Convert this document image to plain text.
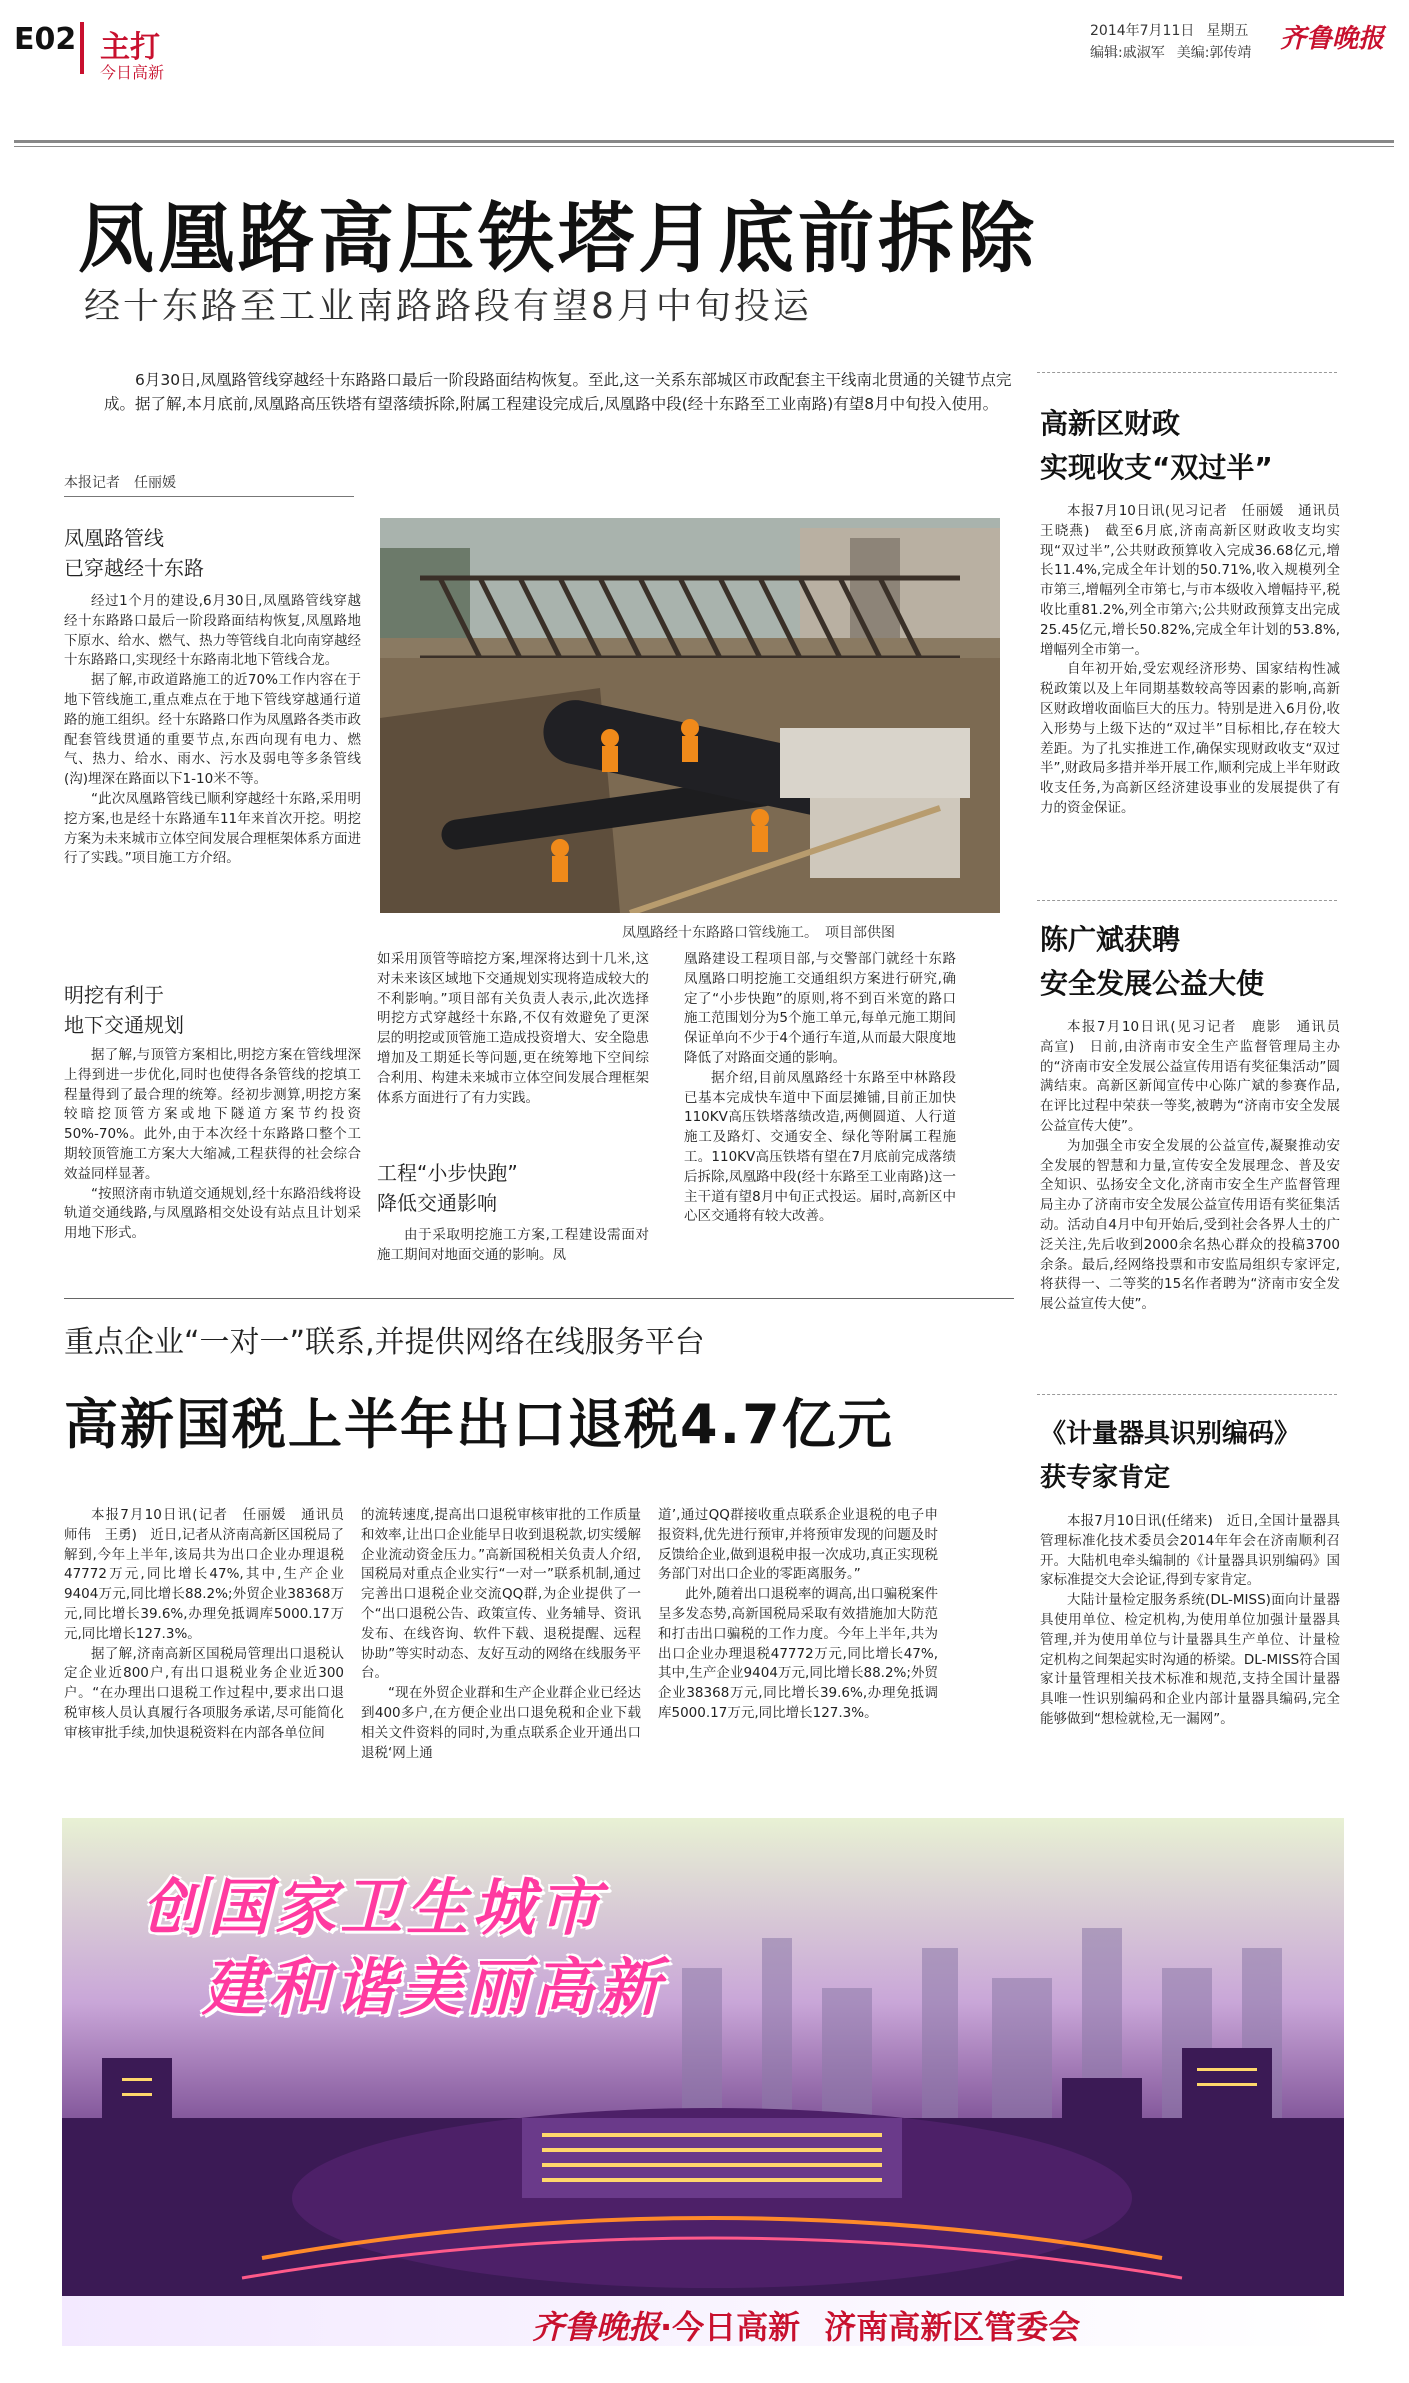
E02 主打
今日高新
2014年7月11日 星期五
编辑:戚淑军 美编:郭传靖	齐鲁晚报
凤凰路高压铁塔月底前拆除
经十东路至工业南路路段有望8月中旬投运
6月30日,凤凰路管线穿越经十东路路口最后一阶段路面结构恢复。至此,这一关系东部城区市政配套主干线南北贯通的关键节点完成。据了解,本月底前,凤凰路高压铁塔有望落绩拆除,附属工程建设完成后,凤凰路中段(经十东路至工业南路)有望8月中旬投入使用。
本报记者　任丽媛
凤凰路管线
已穿越经十东路

经过1个月的建设,6月30日,凤凰路管线穿越经十东路路口最后一阶段路面结构恢复,凤凰路地下原水、给水、燃气、热力等管线自北向南穿越经十东路路口,实现经十东路南北地下管线合龙。

据了解,市政道路施工的近70%工作内容在于地下管线施工,重点难点在于地下管线穿越通行道路的施工组织。经十东路路口作为凤凰路各类市政配套管线贯通的重要节点,东西向现有电力、燃气、热力、给水、雨水、污水及弱电等多条管线(沟)埋深在路面以下1-10米不等。

“此次凤凰路管线已顺利穿越经十东路,采用明挖方案,也是经十东路通车11年来首次开挖。明挖方案为未来城市立体空间发展合理框架体系方面进行了实践。”项目施工方介绍。

明挖有利于
地下交通规划

据了解,与顶管方案相比,明挖方案在管线埋深上得到进一步优化,同时也使得各条管线的挖填工程量得到了最合理的统筹。经初步测算,明挖方案较暗挖顶管方案或地下隧道方案节约投资50%-70%。此外,由于本次经十东路路口整个工期较顶管施工方案大大缩减,工程获得的社会综合效益同样显著。

“按照济南市轨道交通规划,经十东路沿线将设轨道交通线路,与凤凰路相交处设有站点且计划采用地下形式。

凤凰路经十东路路口管线施工。　项目部供图

如采用顶管等暗挖方案,埋深将达到十几米,这对未来该区域地下交通规划实现将造成较大的不利影响。”项目部有关负责人表示,此次选择明挖方式穿越经十东路,不仅有效避免了更深层的明挖或顶管施工造成投资增大、安全隐患增加及工期延长等问题,更在统筹地下空间综合利用、构建未来城市立体空间发展合理框架体系方面进行了有力实践。

工程“小步快跑”
降低交通影响

由于采取明挖施工方案,工程建设需面对施工期间对地面交通的影响。凤

凰路建设工程项目部,与交警部门就经十东路凤凰路口明挖施工交通组织方案进行研究,确定了“小步快跑”的原则,将不到百米宽的路口施工范围划分为5个施工单元,每单元施工期间保证单向不少于4个通行车道,从而最大限度地降低了对路面交通的影响。

据介绍,目前凤凰路经十东路至中林路段已基本完成快车道中下面层摊铺,目前正加快110KV高压铁塔落绩改造,两侧圆道、人行道施工及路灯、交通安全、绿化等附属工程施工。110KV高压铁塔有望在7月底前完成落绩后拆除,凤凰路中段(经十东路至工业南路)这一主干道有望8月中旬正式投运。届时,高新区中心区交通将有较大改善。

高新区财政
实现收支“双过半”

本报7月10日讯(见习记者　任丽媛　通讯员　王晓燕)　截至6月底,济南高新区财政收支均实现“双过半”,公共财政预算收入完成36.68亿元,增长11.4%,完成全年计划的50.71%,收入规模列全市第三,增幅列全市第七,与市本级收入增幅持平,税收比重81.2%,列全市第六;公共财政预算支出完成25.45亿元,增长50.82%,完成全年计划的53.8%,增幅列全市第一。

自年初开始,受宏观经济形势、国家结构性减税政策以及上年同期基数较高等因素的影响,高新区财政增收面临巨大的压力。特别是进入6月份,收入形势与上级下达的“双过半”目标相比,存在较大差距。为了扎实推进工作,确保实现财政收支“双过半”,财政局多措并举开展工作,顺利完成上半年财政收支任务,为高新区经济建设事业的发展提供了有力的资金保证。

陈广斌获聘
安全发展公益大使

本报7月10日讯(见习记者　鹿影　通讯员　高宣)　日前,由济南市安全生产监督管理局主办的“济南市安全发展公益宣传用语有奖征集活动”圆满结束。高新区新闻宣传中心陈广斌的参赛作品,在评比过程中荣获一等奖,被聘为“济南市安全发展公益宣传大使”。

为加强全市安全发展的公益宣传,凝聚推动安全发展的智慧和力量,宣传安全发展理念、普及安全知识、弘扬安全文化,济南市安全生产监督管理局主办了济南市安全发展公益宣传用语有奖征集活动。活动自4月中旬开始后,受到社会各界人士的广泛关注,先后收到2000余名热心群众的投稿3700余条。最后,经网络投票和市安监局组织专家评定,将获得一、二等奖的15名作者聘为“济南市安全发展公益宣传大使”。

《计量器具识别编码》
获专家肯定

本报7月10日讯(任绪来)　近日,全国计量器具管理标准化技术委员会2014年年会在济南顺利召开。大陆机电牵头编制的《计量器具识别编码》国家标准提交大会论证,得到专家肯定。

大陆计量检定服务系统(DL-MISS)面向计量器具使用单位、检定机构,为使用单位加强计量器具管理,并为使用单位与计量器具生产单位、计量检定机构之间架起实时沟通的桥梁。DL-MISS符合国家计量管理相关技术标准和规范,支持全国计量器具唯一性识别编码和企业内部计量器具编码,完全能够做到“想检就检,无一漏网”。

重点企业“一对一”联系,并提供网络在线服务平台
高新国税上半年出口退税4.7亿元

本报7月10日讯(记者　任丽媛　通讯员　师伟　王勇)　近日,记者从济南高新区国税局了解到,今年上半年,该局共为出口企业办理退税47772万元,同比增长47%,其中,生产企业9404万元,同比增长88.2%;外贸企业38368万元,同比增长39.6%,办理免抵调库5000.17万元,同比增长127.3%。

据了解,济南高新区国税局管理出口退税认定企业近800户,有出口退税业务企业近300户。“在办理出口退税工作过程中,要求出口退税审核人员认真履行各项服务承诺,尽可能简化审核审批手续,加快退税资料在内部各单位间

的流转速度,提高出口退税审核审批的工作质量和效率,让出口企业能早日收到退税款,切实缓解企业流动资金压力。”高新国税相关负责人介绍,国税局对重点企业实行“一对一”联系机制,通过完善出口退税企业交流QQ群,为企业提供了一个“出口退税公告、政策宣传、业务辅导、资讯发布、在线咨询、软件下载、退税提醒、远程协助”等实时动态、友好互动的网络在线服务平台。

“现在外贸企业群和生产企业群企业已经达到400多户,在方便企业出口退免税和企业下载相关文件资料的同时,为重点联系企业开通出口退税‘网上通

道’,通过QQ群接收重点联系企业退税的电子申报资料,优先进行预审,并将预审发现的问题及时反馈给企业,做到退税申报一次成功,真正实现税务部门对出口企业的零距离服务。”

此外,随着出口退税率的调高,出口骗税案件呈多发态势,高新国税局采取有效措施加大防范和打击出口骗税的工作力度。今年上半年,共为出口企业办理退税47772万元,同比增长47%,其中,生产企业9404万元,同比增长88.2%;外贸企业38368万元,同比增长39.6%,办理免抵调库5000.17万元,同比增长127.3%。

创国家卫生城市
建和谐美丽高新
齐鲁晚报·今日高新 济南高新区管委会
